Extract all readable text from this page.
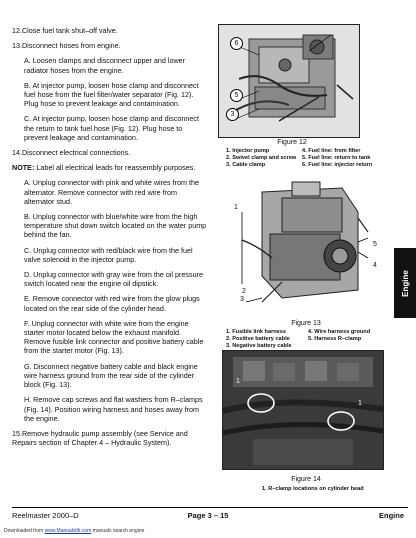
12.Close fuel tank shut–off valve.

13.Disconnect hoses from engine.

A. Loosen clamps and disconnect upper and lower radiator hoses from the engine.

B. At injector pump, loosen hose clamp and disconnect fuel hose from the fuel filter/water separator (Fig. 12). Plug hose to prevent leakage and contamination.

C. At injector pump, loosen hose clamp and disconnect the return to tank fuel hose (Fig. 12). Plug hose to prevent leakage and contamination.

14.Disconnect electrical connections.

NOTE: Label all electrical leads for reassembly purposes.

A. Unplug connector with pink and white wires from the alternator. Remove connector with red wire from alternator stud.

B. Unplug connector with blue/white wire from the high temperature shut down switch located on the water pump behind the fan.

C. Unplug connector with red/black wire from the fuel valve solenoid in the injector pump.

D. Unplug connector with gray wire from the oil pressure switch located near the engine oil dipstick.

E. Remove connector with red wire from the glow plugs located on the rear side of the cylinder head.

F. Unplug connector with white wire from the engine starter motor located below the exhaust manifold. Remove fusible link connector and positive battery cable from the starter motor (Fig. 13).

G. Disconnect negative battery cable and black engine wire harness ground from the rear side of the cylinder block (Fig. 13).

H. Remove cap screws and flat washers from R–clamps (Fig. 14). Position wiring harness and hoses away from the engine.

15.Remove hydraulic pump assembly (see Service and Repairs section of Chapter 4 – Hydraulic System).

6
5
3
Figure 12
1. Injector pump	4. Fuel line: from filter
2. Swivel clamp and screw	5. Fuel line: return to tank
3. Cable clamp	6. Fuel line: injector return
1
2
3
4
5
Figure 13
1. Fusible link harness	4. Wire harness ground
2. Positive battery cable	5. Harness R–clamp
3. Negative battery cable
1
1
Figure 14
1. R–clamp locations on cylinder head
Engine
Reelmaster 2000–D	Page 3 – 15	Engine
Downloaded from www.Manualslib.com manuals search engine
